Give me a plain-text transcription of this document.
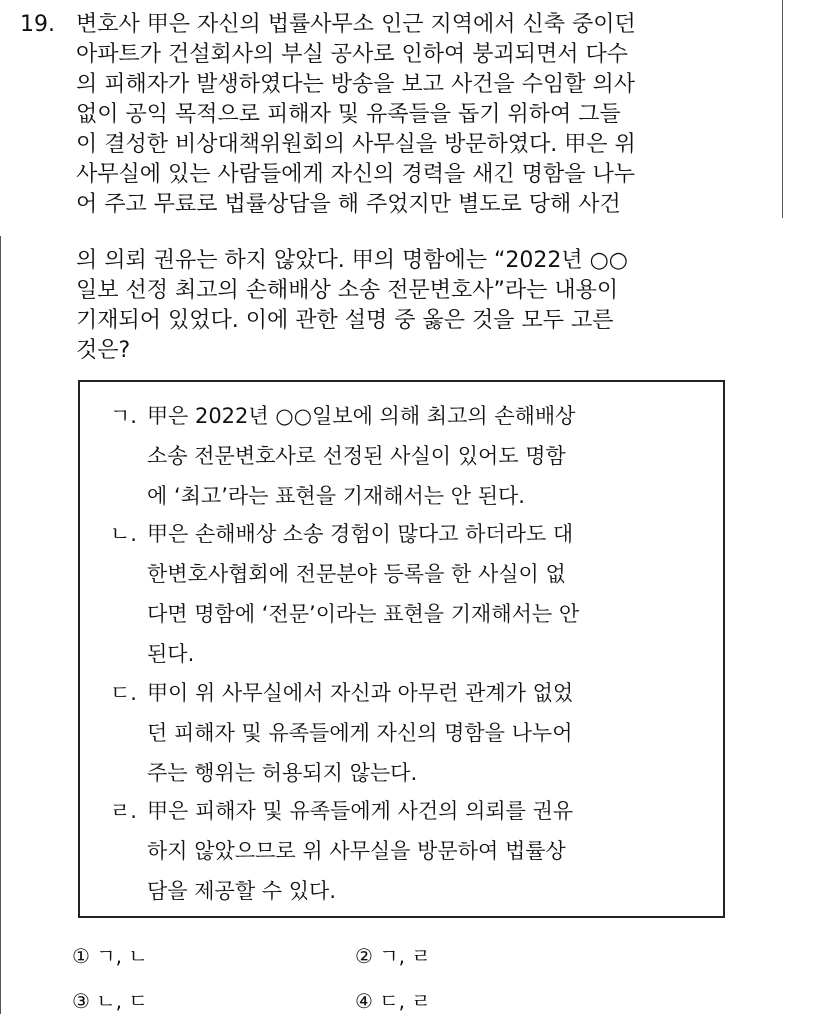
19. 변호사 甲은 자신의 법률사무소 인근 지역에서 신축 중이던
아파트가 건설회사의 부실 공사로 인하여 붕괴되면서 다수
의 피해자가 발생하였다는 방송을 보고 사건을 수임할 의사
없이 공익 목적으로 피해자 및 유족들을 돕기 위하여 그들
이 결성한 비상대책위원회의 사무실을 방문하였다. 甲은 위
사무실에 있는 사람들에게 자신의 경력을 새긴 명함을 나누
어 주고 무료로 법률상담을 해 주었지만 별도로 당해 사건
의 의뢰 권유는 하지 않았다. 甲의 명함에는 “2022년 ○○
일보 선정 최고의 손해배상 소송 전문변호사”라는 내용이
기재되어 있었다. 이에 관한 설명 중 옳은 것을 모두 고른
것은?
ㄱ. 甲은 2022년 ○○일보에 의해 최고의 손해배상
소송 전문변호사로 선정된 사실이 있어도 명함
에 ‘최고’라는 표현을 기재해서는 안 된다.
ㄴ. 甲은 손해배상 소송 경험이 많다고 하더라도 대
한변호사협회에 전문분야 등록을 한 사실이 없
다면 명함에 ‘전문’이라는 표현을 기재해서는 안
된다.
ㄷ. 甲이 위 사무실에서 자신과 아무런 관계가 없었
던 피해자 및 유족들에게 자신의 명함을 나누어
주는 행위는 허용되지 않는다.
ㄹ. 甲은 피해자 및 유족들에게 사건의 의뢰를 권유
하지 않았으므로 위 사무실을 방문하여 법률상
담을 제공할 수 있다.
① ㄱ, ㄴ	② ㄱ, ㄹ
③ ㄴ, ㄷ	④ ㄷ, ㄹ
